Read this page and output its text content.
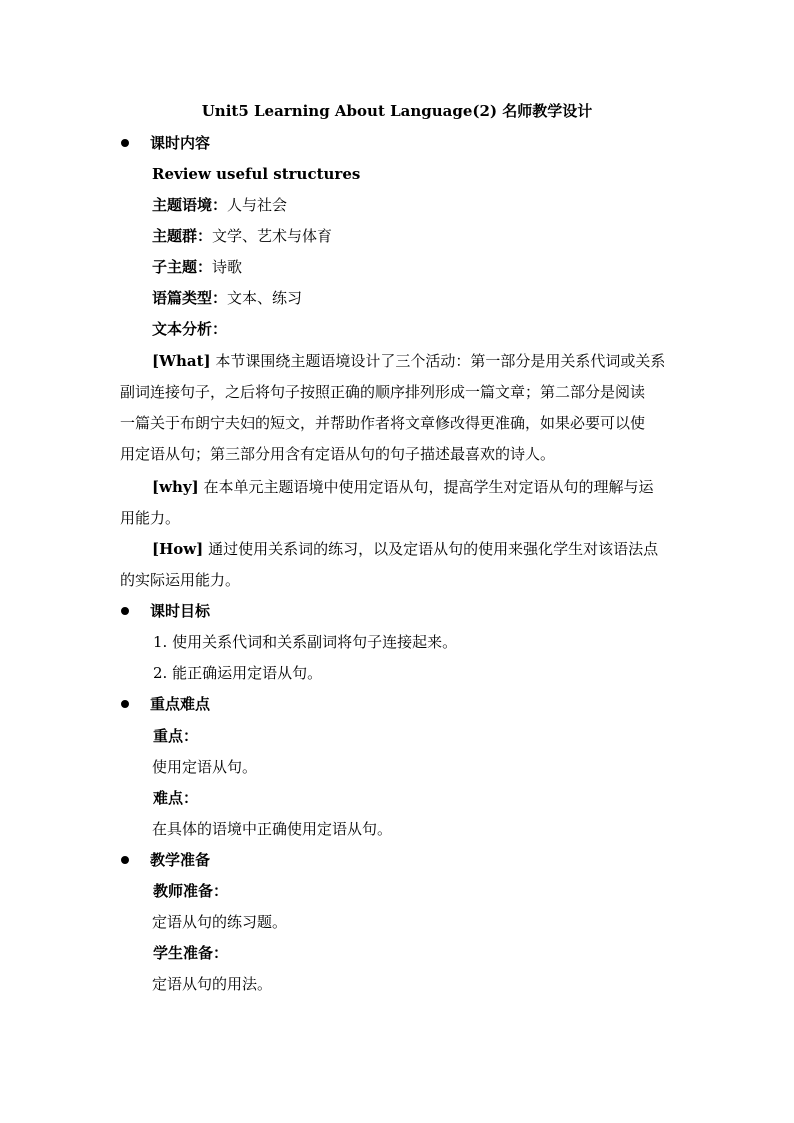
Unit5 Learning About Language(2) 名师教学设计
课时内容
Review useful structures
主题语境：人与社会
主题群：文学、艺术与体育
子主题：诗歌
语篇类型：文本、练习
文本分析：
[What] 本节课围绕主题语境设计了三个活动：第一部分是用关系代词或关系
副词连接句子，之后将句子按照正确的顺序排列形成一篇文章；第二部分是阅读
一篇关于布朗宁夫妇的短文，并帮助作者将文章修改得更准确，如果必要可以使
用定语从句；第三部分用含有定语从句的句子描述最喜欢的诗人。
[why] 在本单元主题语境中使用定语从句，提高学生对定语从句的理解与运
用能力。
[How] 通过使用关系词的练习，以及定语从句的使用来强化学生对该语法点
的实际运用能力。
课时目标
1. 使用关系代词和关系副词将句子连接起来。
2. 能正确运用定语从句。
重点难点
重点：
使用定语从句。
难点：
在具体的语境中正确使用定语从句。
教学准备
教师准备：
定语从句的练习题。
学生准备：
定语从句的用法。
